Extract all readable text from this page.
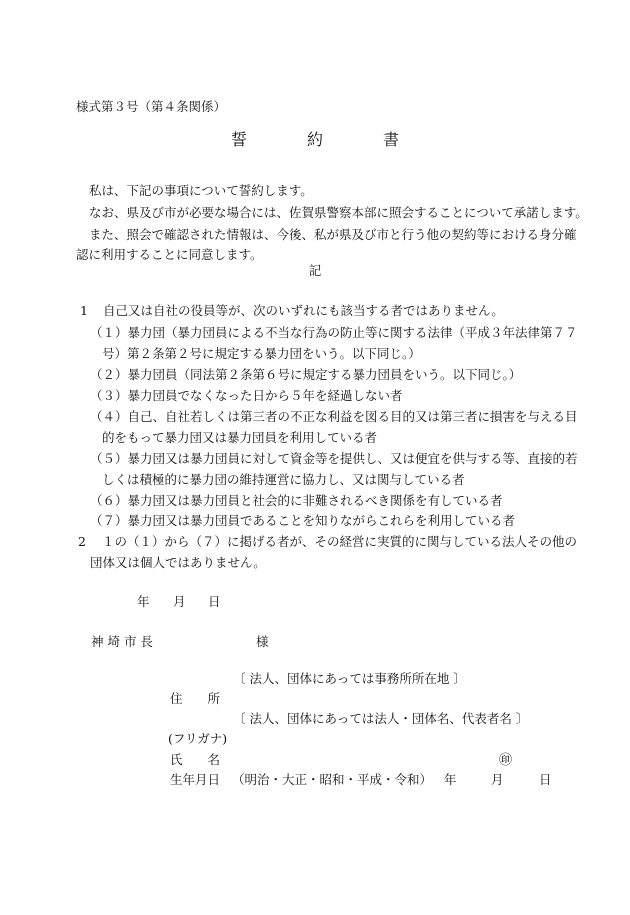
様式第３号（第４条関係）
誓　約　書
私は、下記の事項について誓約します。
なお、県及び市が必要な場合には、佐賀県警察本部に照会することについて承諾します。
また、照会で確認された情報は、今後、私が県及び市と行う他の契約等における身分確
認に利用することに同意します。
記
1 自己又は自社の役員等が、次のいずれにも該当する者ではありません。
（１）暴力団（暴力団員による不当な行為の防止等に関する法律（平成３年法律第７７
号）第２条第２号に規定する暴力団をいう。以下同じ。）
（２）暴力団員（同法第２条第６号に規定する暴力団員をいう。以下同じ。）
（３）暴力団員でなくなった日から５年を経過しない者
（４）自己、自社若しくは第三者の不正な利益を図る目的又は第三者に損害を与える目
的をもって暴力団又は暴力団員を利用している者
（５）暴力団又は暴力団員に対して資金等を提供し、又は便宜を供与する等、直接的若
しくは積極的に暴力団の維持運営に協力し、又は関与している者
（６）暴力団又は暴力団員と社会的に非難されるべき関係を有している者
（７）暴力団又は暴力団員であることを知りながらこれらを利用している者
2 １の（１）から（７）に掲げる者が、その経営に実質的に関与している法人その他の
団体又は個人ではありません。
年 月 日
神 埼 市 長	様
〔 法人、団体にあっては事務所所在地 〕
住　　所
〔 法人、団体にあっては法人・団体名、代表者名 〕
(フリガナ)
氏　　名	㊞
生年月日 （明治・大正・昭和・平成・令和） 年	月	日
